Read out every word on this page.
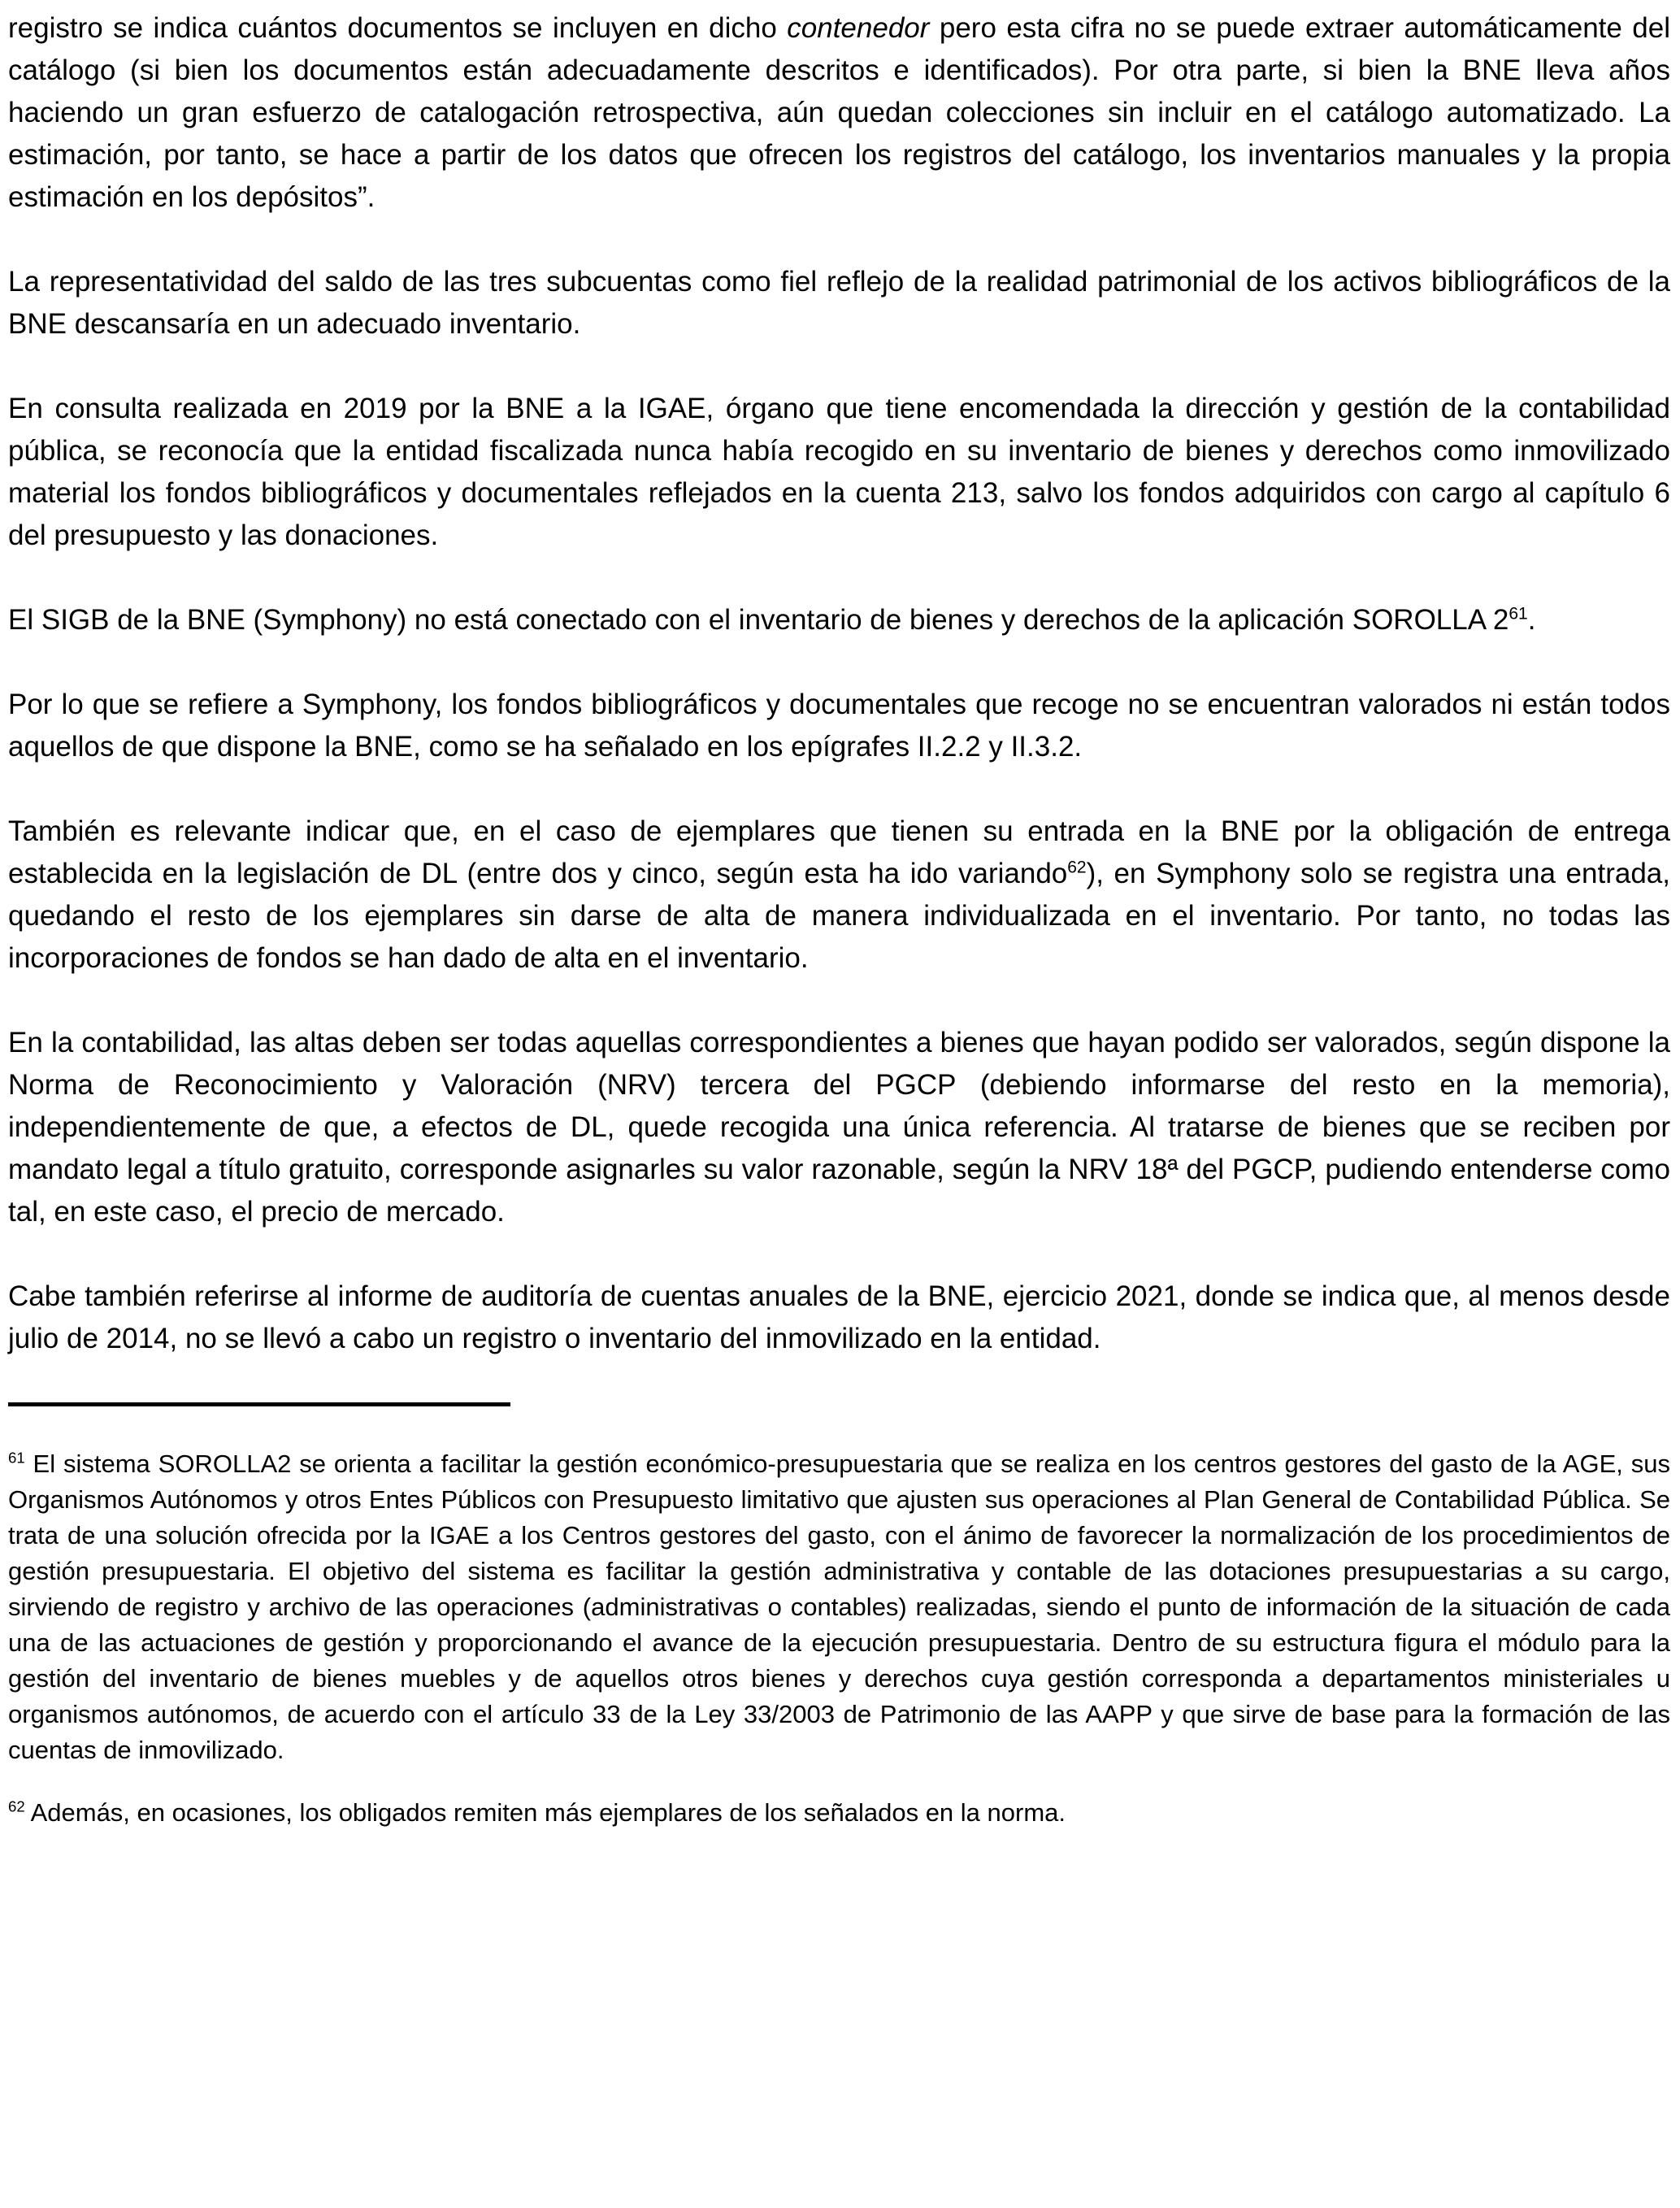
registro se indica cuántos documentos se incluyen en dicho contenedor pero esta cifra no se puede extraer automáticamente del catálogo (si bien los documentos están adecuadamente descritos e identificados). Por otra parte, si bien la BNE lleva años haciendo un gran esfuerzo de catalogación retrospectiva, aún quedan colecciones sin incluir en el catálogo automatizado. La estimación, por tanto, se hace a partir de los datos que ofrecen los registros del catálogo, los inventarios manuales y la propia estimación en los depósitos”.

La representatividad del saldo de las tres subcuentas como fiel reflejo de la realidad patrimonial de los activos bibliográficos de la BNE descansaría en un adecuado inventario.

En consulta realizada en 2019 por la BNE a la IGAE, órgano que tiene encomendada la dirección y gestión de la contabilidad pública, se reconocía que la entidad fiscalizada nunca había recogido en su inventario de bienes y derechos como inmovilizado material los fondos bibliográficos y documentales reflejados en la cuenta 213, salvo los fondos adquiridos con cargo al capítulo 6 del presupuesto y las donaciones.

El SIGB de la BNE (Symphony) no está conectado con el inventario de bienes y derechos de la aplicación SOROLLA $2^{61}$.

Por lo que se refiere a Symphony, los fondos bibliográficos y documentales que recoge no se encuentran valorados ni están todos aquellos de que dispone la BNE, como se ha señalado en los epígrafes II.2.2 y II.3.2.

También es relevante indicar que, en el caso de ejemplares que tienen su entrada en la BNE por la obligación de entrega establecida en la legislación de DL (entre dos y cinco, según esta ha ido variando$^{62}$), en Symphony solo se registra una entrada, quedando el resto de los ejemplares sin darse de alta de manera individualizada en el inventario. Por tanto, no todas las incorporaciones de fondos se han dado de alta en el inventario.

En la contabilidad, las altas deben ser todas aquellas correspondientes a bienes que hayan podido ser valorados, según dispone la Norma de Reconocimiento y Valoración (NRV) tercera del PGCP (debiendo informarse del resto en la memoria), independientemente de que, a efectos de DL, quede recogida una única referencia. Al tratarse de bienes que se reciben por mandato legal a título gratuito, corresponde asignarles su valor razonable, según la NRV 18ª del PGCP, pudiendo entenderse como tal, en este caso, el precio de mercado.

Cabe también referirse al informe de auditoría de cuentas anuales de la BNE, ejercicio 2021, donde se indica que, al menos desde julio de 2014, no se llevó a cabo un registro o inventario del inmovilizado en la entidad.

$^{61}$ El sistema SOROLLA2 se orienta a facilitar la gestión económico-presupuestaria que se realiza en los centros gestores del gasto de la AGE, sus Organismos Autónomos y otros Entes Públicos con Presupuesto limitativo que ajusten sus operaciones al Plan General de Contabilidad Pública. Se trata de una solución ofrecida por la IGAE a los Centros gestores del gasto, con el ánimo de favorecer la normalización de los procedimientos de gestión presupuestaria. El objetivo del sistema es facilitar la gestión administrativa y contable de las dotaciones presupuestarias a su cargo, sirviendo de registro y archivo de las operaciones (administrativas o contables) realizadas, siendo el punto de información de la situación de cada una de las actuaciones de gestión y proporcionando el avance de la ejecución presupuestaria. Dentro de su estructura figura el módulo para la gestión del inventario de bienes muebles y de aquellos otros bienes y derechos cuya gestión corresponda a departamentos ministeriales u organismos autónomos, de acuerdo con el artículo 33 de la Ley 33/2003 de Patrimonio de las AAPP y que sirve de base para la formación de las cuentas de inmovilizado.

$^{62}$ Además, en ocasiones, los obligados remiten más ejemplares de los señalados en la norma.
